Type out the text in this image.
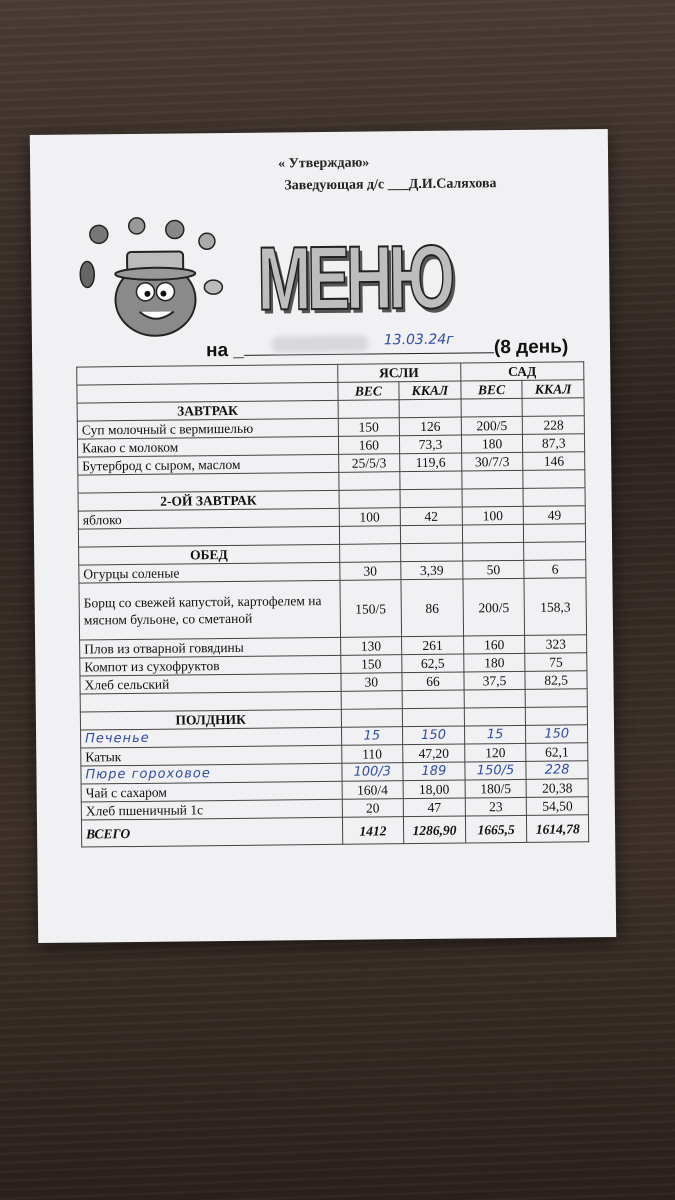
« Утверждаю»
Заведующая д/с ___Д.И.Саляхова
МЕНЮ
на _	13.03.24г (8 день)
	ЯСЛИ		САД	
	ВЕС	ККАЛ	ВЕС	ККАЛ
ЗАВТРАК				
Суп молочный с вермишелью	150	126	200/5	228
Какао с молоком	160	73,3	180	87,3
Бутерброд с сыром, маслом	25/5/3	119,6	30/7/3	146

2-ОЙ ЗАВТРАК				
яблоко	100	42	100	49

ОБЕД				
Огурцы соленые	30	3,39	50	6
Борщ со свежей капустой, картофелем на мясном бульоне, со сметаной	150/5	86	200/5	158,3
Плов из отварной говядины	130	261	160	323
Компот из сухофруктов	150	62,5	180	75
Хлеб сельский	30	66	37,5	82,5

ПОЛДНИК				
Печенье	15	150	15	150
Катык	110	47,20	120	62,1
Пюре гороховое	100/3	189	150/5	228
Чай с сахаром	160/4	18,00	180/5	20,38
Хлеб пшеничный 1с	20	47	23	54,50
ВСЕГО	1412	1286,90	1665,5	1614,78
